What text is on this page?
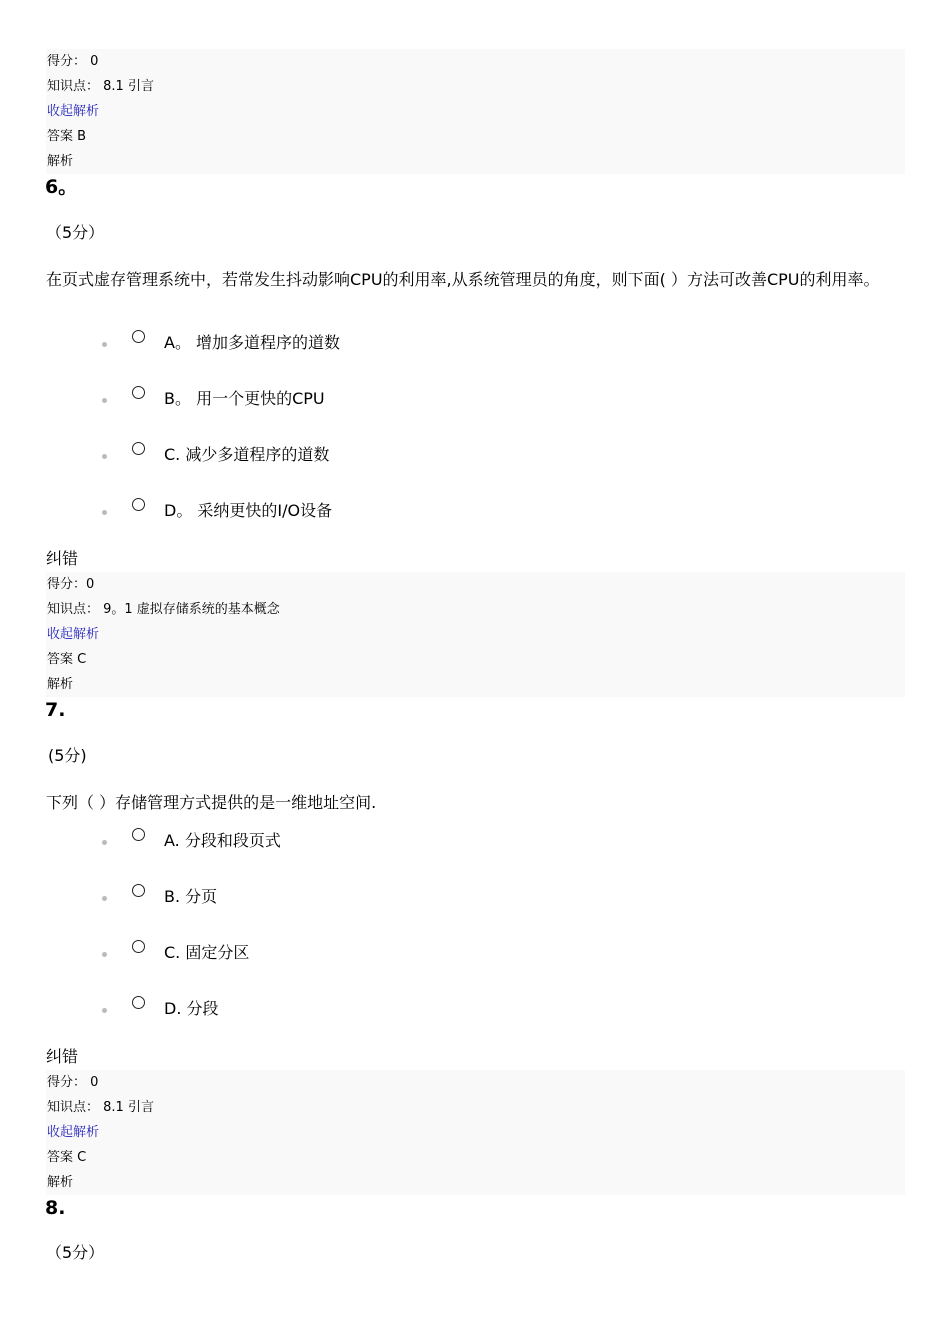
得分： 0
知识点： 8.1 引言
收起解析
答案 B
解析
6。
（5分）
在页式虚存管理系统中，若常发生抖动影响CPU的利用率,从系统管理员的角度，则下面( ）方法可改善CPU的利用率。
A。 增加多道程序的道数
B。 用一个更快的CPU
C. 减少多道程序的道数
D。 采纳更快的I/O设备
纠错
得分：0
知识点： 9。1 虚拟存储系统的基本概念
收起解析
答案 C
解析
7.
(5分)
下列（ ）存储管理方式提供的是一维地址空间.
A. 分段和段页式
B. 分页
C. 固定分区
D. 分段
纠错
得分： 0
知识点： 8.1 引言
收起解析
答案 C
解析
8.
（5分）
